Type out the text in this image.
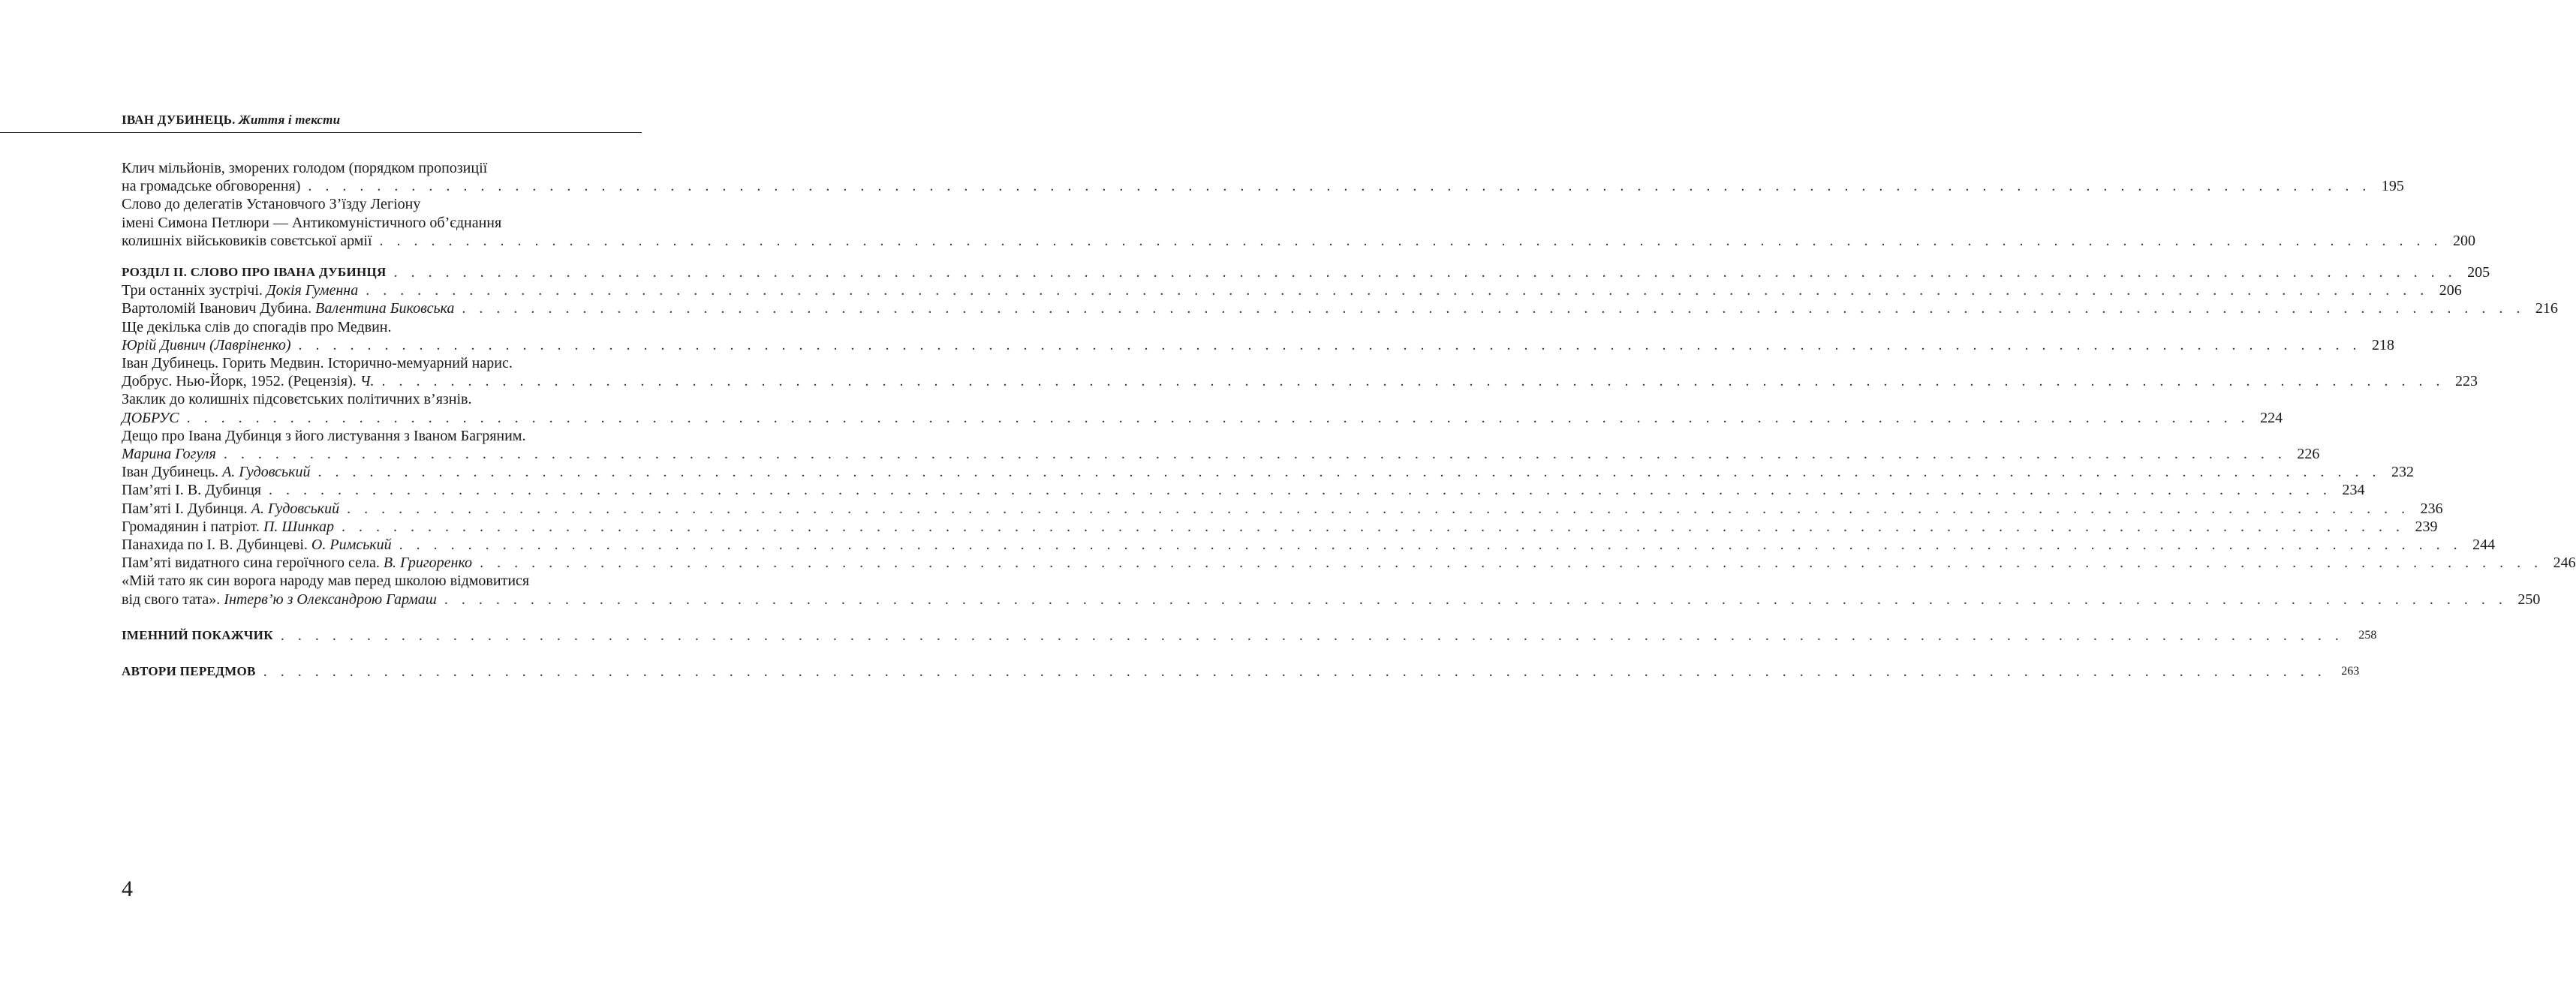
ІВАН ДУБИНЕЦЬ. Життя і тексти
Клич мільйонів, зморених голодом (порядком пропозиції
на громадське обговорення) . . . . . . . . . . . . . . . . . . . . . . . . . . . . . . . . . . . . . . . . . . . . . . . . . . . . . . . . . . . . . . . . . . . . . . . . . . . . . . . . . . . . . . . . . . . . . . . . . . . . . . . . . . . . . . . . . . . . . . . . 195
Слово до делегатів Установчого З’їзду Легіону
імені Симона Петлюри — Антикомуністичного об’єднання
колишніх військовиків совєтської армії . . . . . . . . . . . . . . . . . . . . . . . . . . . . . . . . . . . . . . . . . . . . . . . . . . . . . . . . . . . . . . . . . . . . . . . . . . . . . . . . . . . . . . . . . . . . . . . . . . . . . . . . . . . . . . . . . . . . . . . . 200
РОЗДІЛ ІІ. СЛОВО ПРО ІВАНА ДУБИНЦЯ . . . . . . . . . . . . . . . . . . . . . . . . . . . . . . . . . . . . . . . . . . . . . . . . . . . . . . . . . . . . . . . . . . . . . . . . . . . . . . . . . . . . . . . . . . . . . . . . . . . . . . . . . . . . . . . . . . . . . . . . 205
Три останніх зустрічі. Докія Гуменна . . . . . . . . . . . . . . . . . . . . . . . . . . . . . . . . . . . . . . . . . . . . . . . . . . . . . . . . . . . . . . . . . . . . . . . . . . . . . . . . . . . . . . . . . . . . . . . . . . . . . . . . . . . . . . . . . . . . . . . . 206
Вартоломій Іванович Дубина. Валентина Биковська . . . . . . . . . . . . . . . . . . . . . . . . . . . . . . . . . . . . . . . . . . . . . . . . . . . . . . . . . . . . . . . . . . . . . . . . . . . . . . . . . . . . . . . . . . . . . . . . . . . . . . . . . . . . . . . . . . . . . . . . 216
Ще декілька слів до спогадів про Медвин.
Юрій Дивнич (Лавріненко) . . . . . . . . . . . . . . . . . . . . . . . . . . . . . . . . . . . . . . . . . . . . . . . . . . . . . . . . . . . . . . . . . . . . . . . . . . . . . . . . . . . . . . . . . . . . . . . . . . . . . . . . . . . . . . . . . . . . . . . . 218
Іван Дубинець. Горить Медвин. Історично-мемуарний нарис.
Добрус. Нью-Йорк, 1952. (Рецензія). Ч. . . . . . . . . . . . . . . . . . . . . . . . . . . . . . . . . . . . . . . . . . . . . . . . . . . . . . . . . . . . . . . . . . . . . . . . . . . . . . . . . . . . . . . . . . . . . . . . . . . . . . . . . . . . . . . . . . . . . . . . . 223
Заклик до колишніх підсовєтських політичних в’язнів.
ДОБРУС . . . . . . . . . . . . . . . . . . . . . . . . . . . . . . . . . . . . . . . . . . . . . . . . . . . . . . . . . . . . . . . . . . . . . . . . . . . . . . . . . . . . . . . . . . . . . . . . . . . . . . . . . . . . . . . . . . . . . . . . 224
Дещо про Івана Дубинця з його листування з Іваном Багряним.
Марина Гогуля . . . . . . . . . . . . . . . . . . . . . . . . . . . . . . . . . . . . . . . . . . . . . . . . . . . . . . . . . . . . . . . . . . . . . . . . . . . . . . . . . . . . . . . . . . . . . . . . . . . . . . . . . . . . . . . . . . . . . . . . 226
Іван Дубинець. А. Гудовський . . . . . . . . . . . . . . . . . . . . . . . . . . . . . . . . . . . . . . . . . . . . . . . . . . . . . . . . . . . . . . . . . . . . . . . . . . . . . . . . . . . . . . . . . . . . . . . . . . . . . . . . . . . . . . . . . . . . . . . . 232
Пам’яті І. В. Дубинця . . . . . . . . . . . . . . . . . . . . . . . . . . . . . . . . . . . . . . . . . . . . . . . . . . . . . . . . . . . . . . . . . . . . . . . . . . . . . . . . . . . . . . . . . . . . . . . . . . . . . . . . . . . . . . . . . . . . . . . . 234
Пам’яті І. Дубинця. А. Гудовський . . . . . . . . . . . . . . . . . . . . . . . . . . . . . . . . . . . . . . . . . . . . . . . . . . . . . . . . . . . . . . . . . . . . . . . . . . . . . . . . . . . . . . . . . . . . . . . . . . . . . . . . . . . . . . . . . . . . . . . . 236
Громадянин і патріот. П. Шинкар . . . . . . . . . . . . . . . . . . . . . . . . . . . . . . . . . . . . . . . . . . . . . . . . . . . . . . . . . . . . . . . . . . . . . . . . . . . . . . . . . . . . . . . . . . . . . . . . . . . . . . . . . . . . . . . . . . . . . . . . 239
Панахида по І. В. Дубинцеві. О. Римський . . . . . . . . . . . . . . . . . . . . . . . . . . . . . . . . . . . . . . . . . . . . . . . . . . . . . . . . . . . . . . . . . . . . . . . . . . . . . . . . . . . . . . . . . . . . . . . . . . . . . . . . . . . . . . . . . . . . . . . . 244
Пам’яті видатного сина героїчного села. В. Григоренко . . . . . . . . . . . . . . . . . . . . . . . . . . . . . . . . . . . . . . . . . . . . . . . . . . . . . . . . . . . . . . . . . . . . . . . . . . . . . . . . . . . . . . . . . . . . . . . . . . . . . . . . . . . . . . . . . . . . . . . . 246
«Мій тато як син ворога народу мав перед школою відмовитися
від свого тата». Інтерв’ю з Олександрою Гармаш . . . . . . . . . . . . . . . . . . . . . . . . . . . . . . . . . . . . . . . . . . . . . . . . . . . . . . . . . . . . . . . . . . . . . . . . . . . . . . . . . . . . . . . . . . . . . . . . . . . . . . . . . . . . . . . . . . . . . . . . 250
ІМЕННИЙ ПОКАЖЧИК . . . . . . . . . . . . . . . . . . . . . . . . . . . . . . . . . . . . . . . . . . . . . . . . . . . . . . . . . . . . . . . . . . . . . . . . . . . . . . . . . . . . . . . . . . . . . . . . . . . . . . . . . . . . . . . . . . . . . . . .	258
АВТОРИ ПЕРЕДМОВ . . . . . . . . . . . . . . . . . . . . . . . . . . . . . . . . . . . . . . . . . . . . . . . . . . . . . . . . . . . . . . . . . . . . . . . . . . . . . . . . . . . . . . . . . . . . . . . . . . . . . . . . . . . . . . . . . . . . . . . .	263
4
